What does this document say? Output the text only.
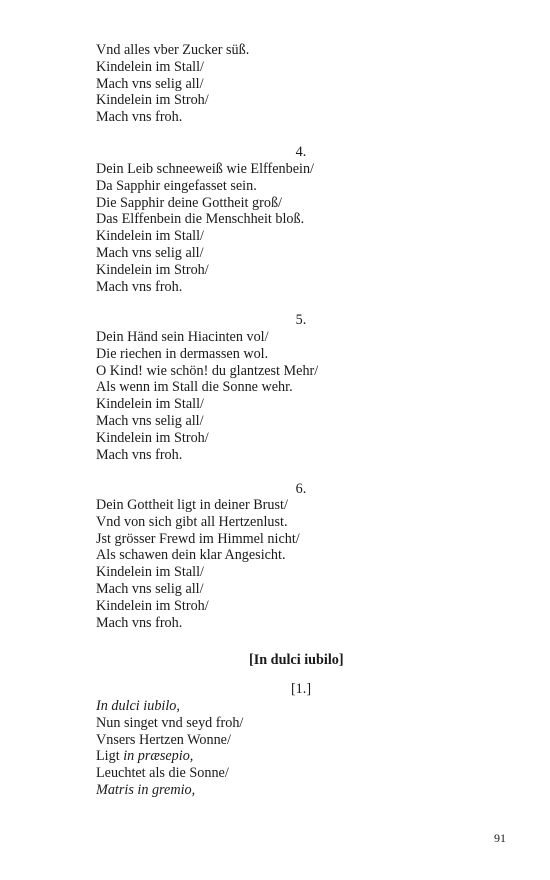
Vnd alles vber Zucker süß.
Kindelein im Stall/
Mach vns selig all/
Kindelein im Stroh/
Mach vns froh.
4.
Dein Leib schneeweiß wie Elffenbein/
Da Sapphir eingefasset sein.
Die Sapphir deine Gottheit groß/
Das Elffenbein die Menschheit bloß.
Kindelein im Stall/
Mach vns selig all/
Kindelein im Stroh/
Mach vns froh.
5.
Dein Händ sein Hiacinten vol/
Die riechen in dermassen wol.
O Kind! wie schön! du glantzest Mehr/
Als wenn im Stall die Sonne wehr.
Kindelein im Stall/
Mach vns selig all/
Kindelein im Stroh/
Mach vns froh.
6.
Dein Gottheit ligt in deiner Brust/
Vnd von sich gibt all Hertzenlust.
Jst grösser Frewd im Himmel nicht/
Als schawen dein klar Angesicht.
Kindelein im Stall/
Mach vns selig all/
Kindelein im Stroh/
Mach vns froh.
[In dulci iubilo]
[1.]
In dulci iubilo,
Nun singet vnd seyd froh/
Vnsers Hertzen Wonne/
Ligt in præsepio,
Leuchtet als die Sonne/
Matris in gremio,
91
